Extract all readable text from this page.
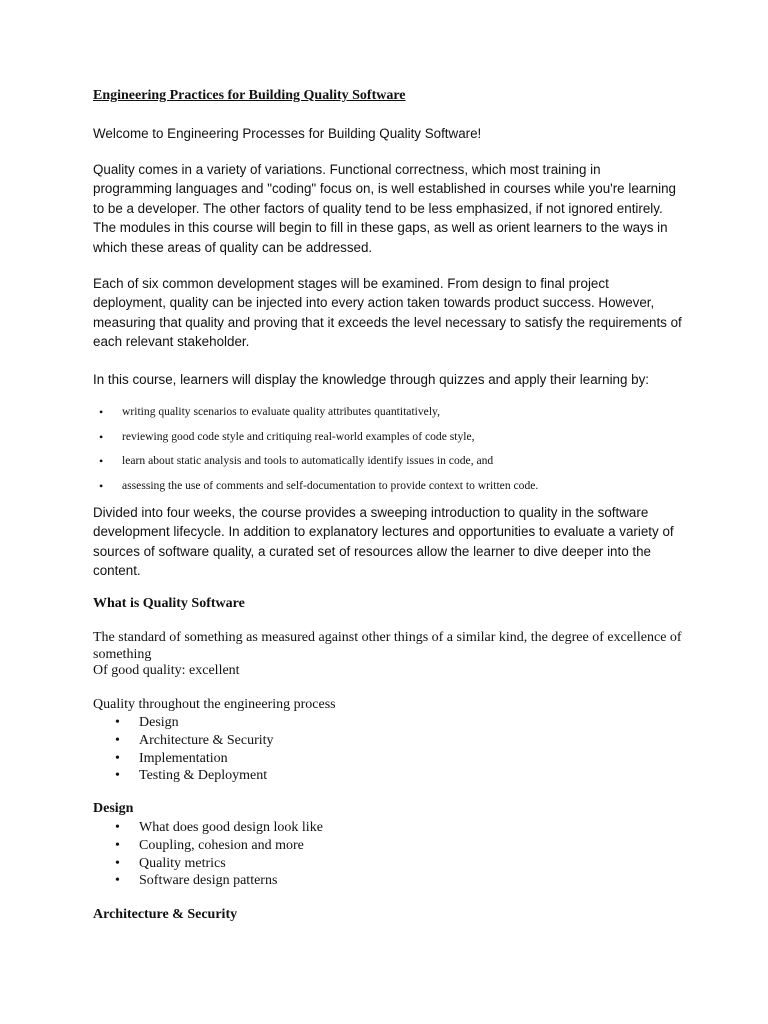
Engineering Practices for Building Quality Software

Welcome to Engineering Processes for Building Quality Software!

Quality comes in a variety of variations. Functional correctness, which most training in programming languages and "coding" focus on, is well established in courses while you're learning to be a developer. The other factors of quality tend to be less emphasized, if not ignored entirely. The modules in this course will begin to fill in these gaps, as well as orient learners to the ways in which these areas of quality can be addressed.
Each of six common development stages will be examined. From design to final project deployment, quality can be injected into every action taken towards product success. However, measuring that quality and proving that it exceeds the level necessary to satisfy the requirements of each relevant stakeholder.
In this course, learners will display the knowledge through quizzes and apply their learning by:
• writing quality scenarios to evaluate quality attributes quantitatively,
• reviewing good code style and critiquing real-world examples of code style,
• learn about static analysis and tools to automatically identify issues in code, and
• assessing the use of comments and self-documentation to provide context to written code.
Divided into four weeks, the course provides a sweeping introduction to quality in the software development lifecycle. In addition to explanatory lectures and opportunities to evaluate a variety of sources of software quality, a curated set of resources allow the learner to dive deeper into the content.
What is Quality Software

The standard of something as measured against other things of a similar kind, the degree of excellence of something

Of good quality: excellent

Quality throughout the engineering process
• Design
• Architecture & Security
• Implementation
• Testing & Deployment
Design
• What does good design look like
• Coupling, cohesion and more
• Quality metrics
• Software design patterns
Architecture & Security
